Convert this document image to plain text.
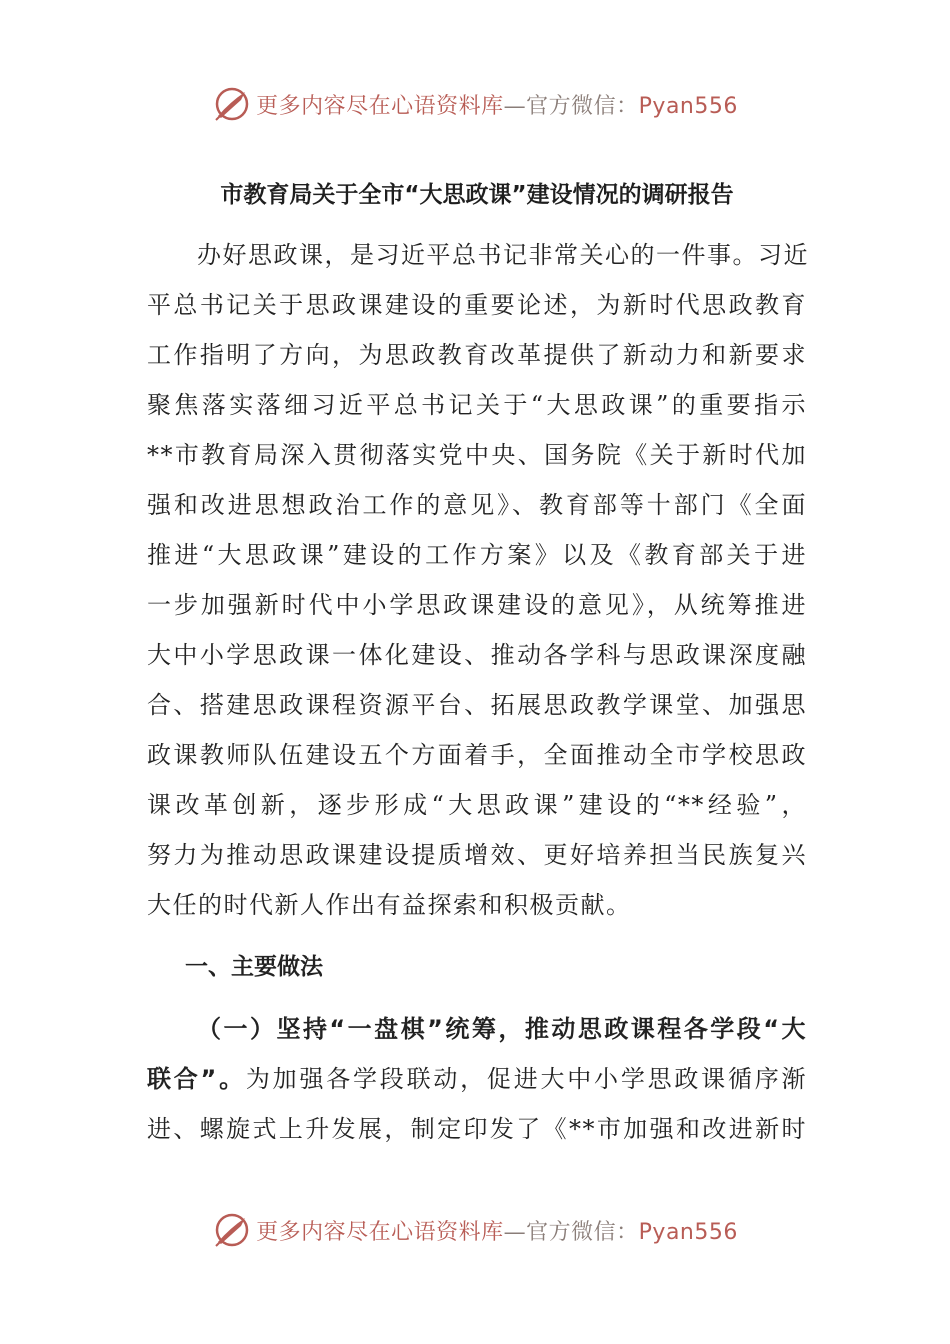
更多内容尽在心语资料库—官方微信：Pyan556
市教育局关于全市“大思政课”建设情况的调研报告
办好思政课，是习近平总书记非常关心的一件事。习近
平总书记关于思政课建设的重要论述，为新时代思政教育
工作指明了方向，为思政教育改革提供了新动力和新要求
聚焦落实落细习近平总书记关于“大思政课”的重要指示
**市教育局深入贯彻落实党中央、国务院《关于新时代加
强和改进思想政治工作的意见》、教育部等十部门《全面
推进“大思政课”建设的工作方案》以及《教育部关于进
一步加强新时代中小学思政课建设的意见》，从统筹推进
大中小学思政课一体化建设、推动各学科与思政课深度融
合、搭建思政课程资源平台、拓展思政教学课堂、加强思
政课教师队伍建设五个方面着手，全面推动全市学校思政
课改革创新，逐步形成“大思政课”建设的“**经验”，
努力为推动思政课建设提质增效、更好培养担当民族复兴
大任的时代新人作出有益探索和积极贡献。
一、主要做法
（一）坚持“一盘棋”统筹，推动思政课程各学段“大
联合”。为加强各学段联动，促进大中小学思政课循序渐
进、螺旋式上升发展，制定印发了《**市加强和改进新时
更多内容尽在心语资料库—官方微信：Pyan556
